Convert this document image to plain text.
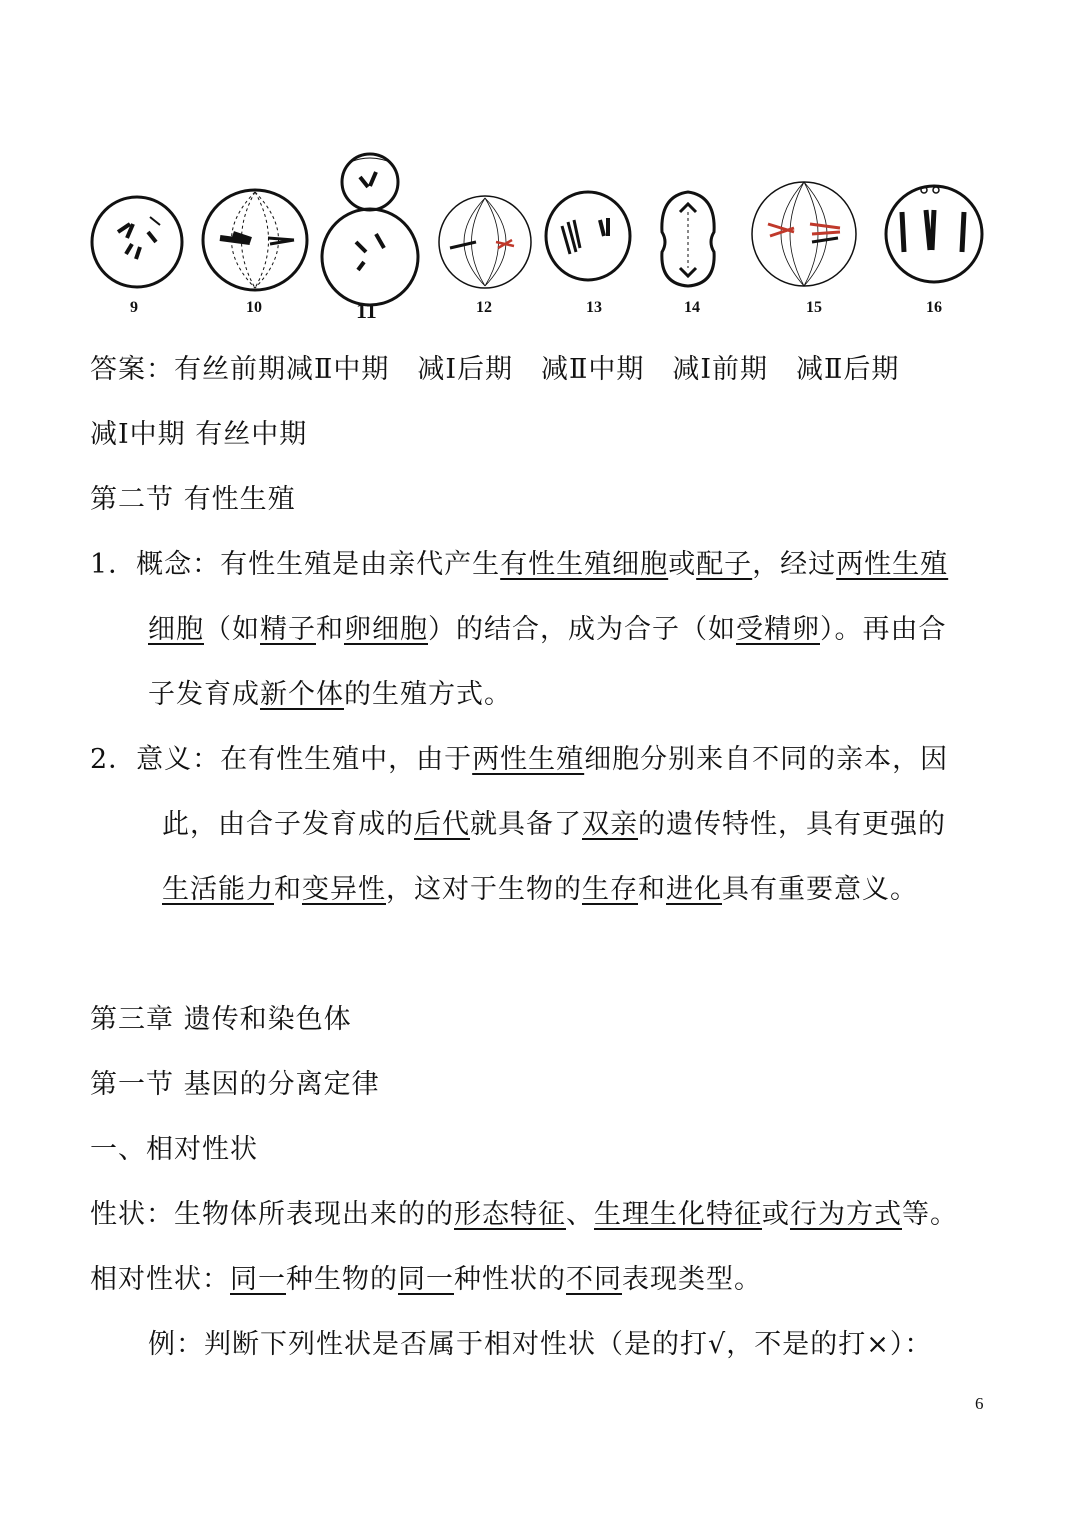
9	10	11	12	13	14	15	16
答案：有丝前期减Ⅱ中期　减Ⅰ后期　减Ⅱ中期　减Ⅰ前期　减Ⅱ后期
减Ⅰ中期 有丝中期
第二节 有性生殖
1．概念：有性生殖是由亲代产生有性生殖细胞或配子，经过两性生殖
细胞（如精子和卵细胞）的结合，成为合子（如受精卵）。再由合
子发育成新个体的生殖方式。
2．意义：在有性生殖中，由于两性生殖细胞分别来自不同的亲本，因
此，由合子发育成的后代就具备了双亲的遗传特性，具有更强的
生活能力和变异性，这对于生物的生存和进化具有重要意义。
第三章 遗传和染色体
第一节 基因的分离定律
一、相对性状
性状：生物体所表现出来的的形态特征、生理生化特征或行为方式等。
相对性状：同一种生物的同一种性状的不同表现类型。
例：判断下列性状是否属于相对性状（是的打√，不是的打×）：
6
